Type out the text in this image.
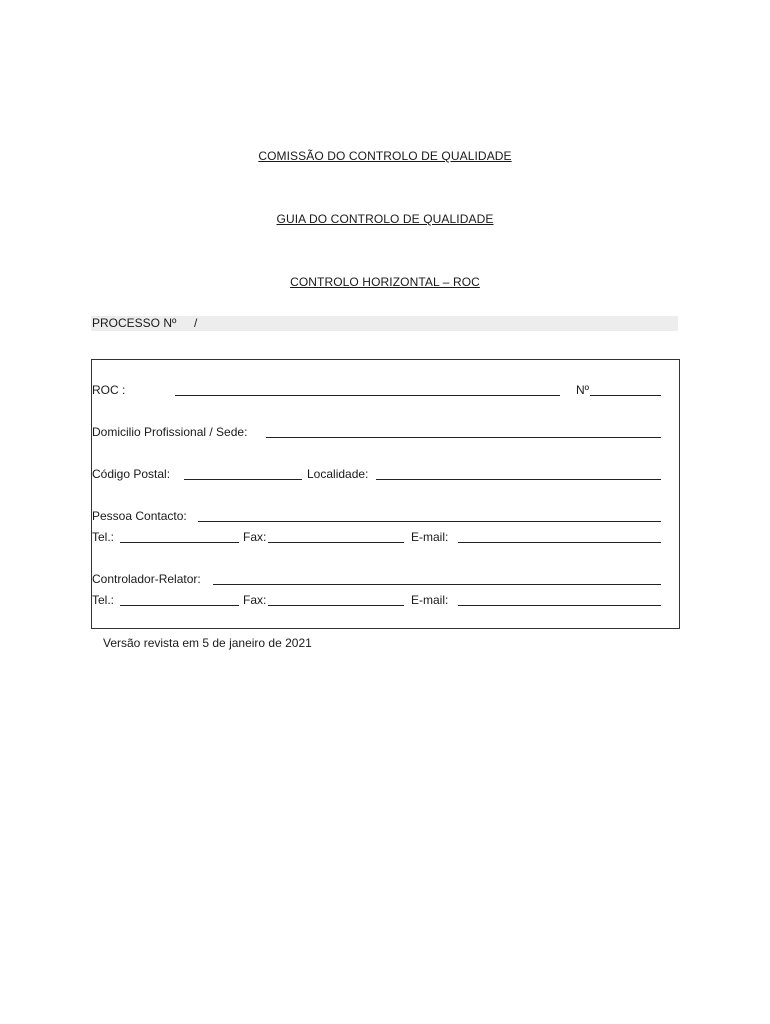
COMISSÃO DO CONTROLO DE QUALIDADE
GUIA DO CONTROLO DE QUALIDADE
CONTROLO HORIZONTAL – ROC
PROCESSO Nº /
ROC :	Nº
Domicilio Profissional / Sede:
Código Postal:	Localidade:
Pessoa Contacto:
Tel.:	Fax:	E-mail:
Controlador-Relator:
Tel.:	Fax:	E-mail:
Versão revista em 5 de janeiro de 2021
